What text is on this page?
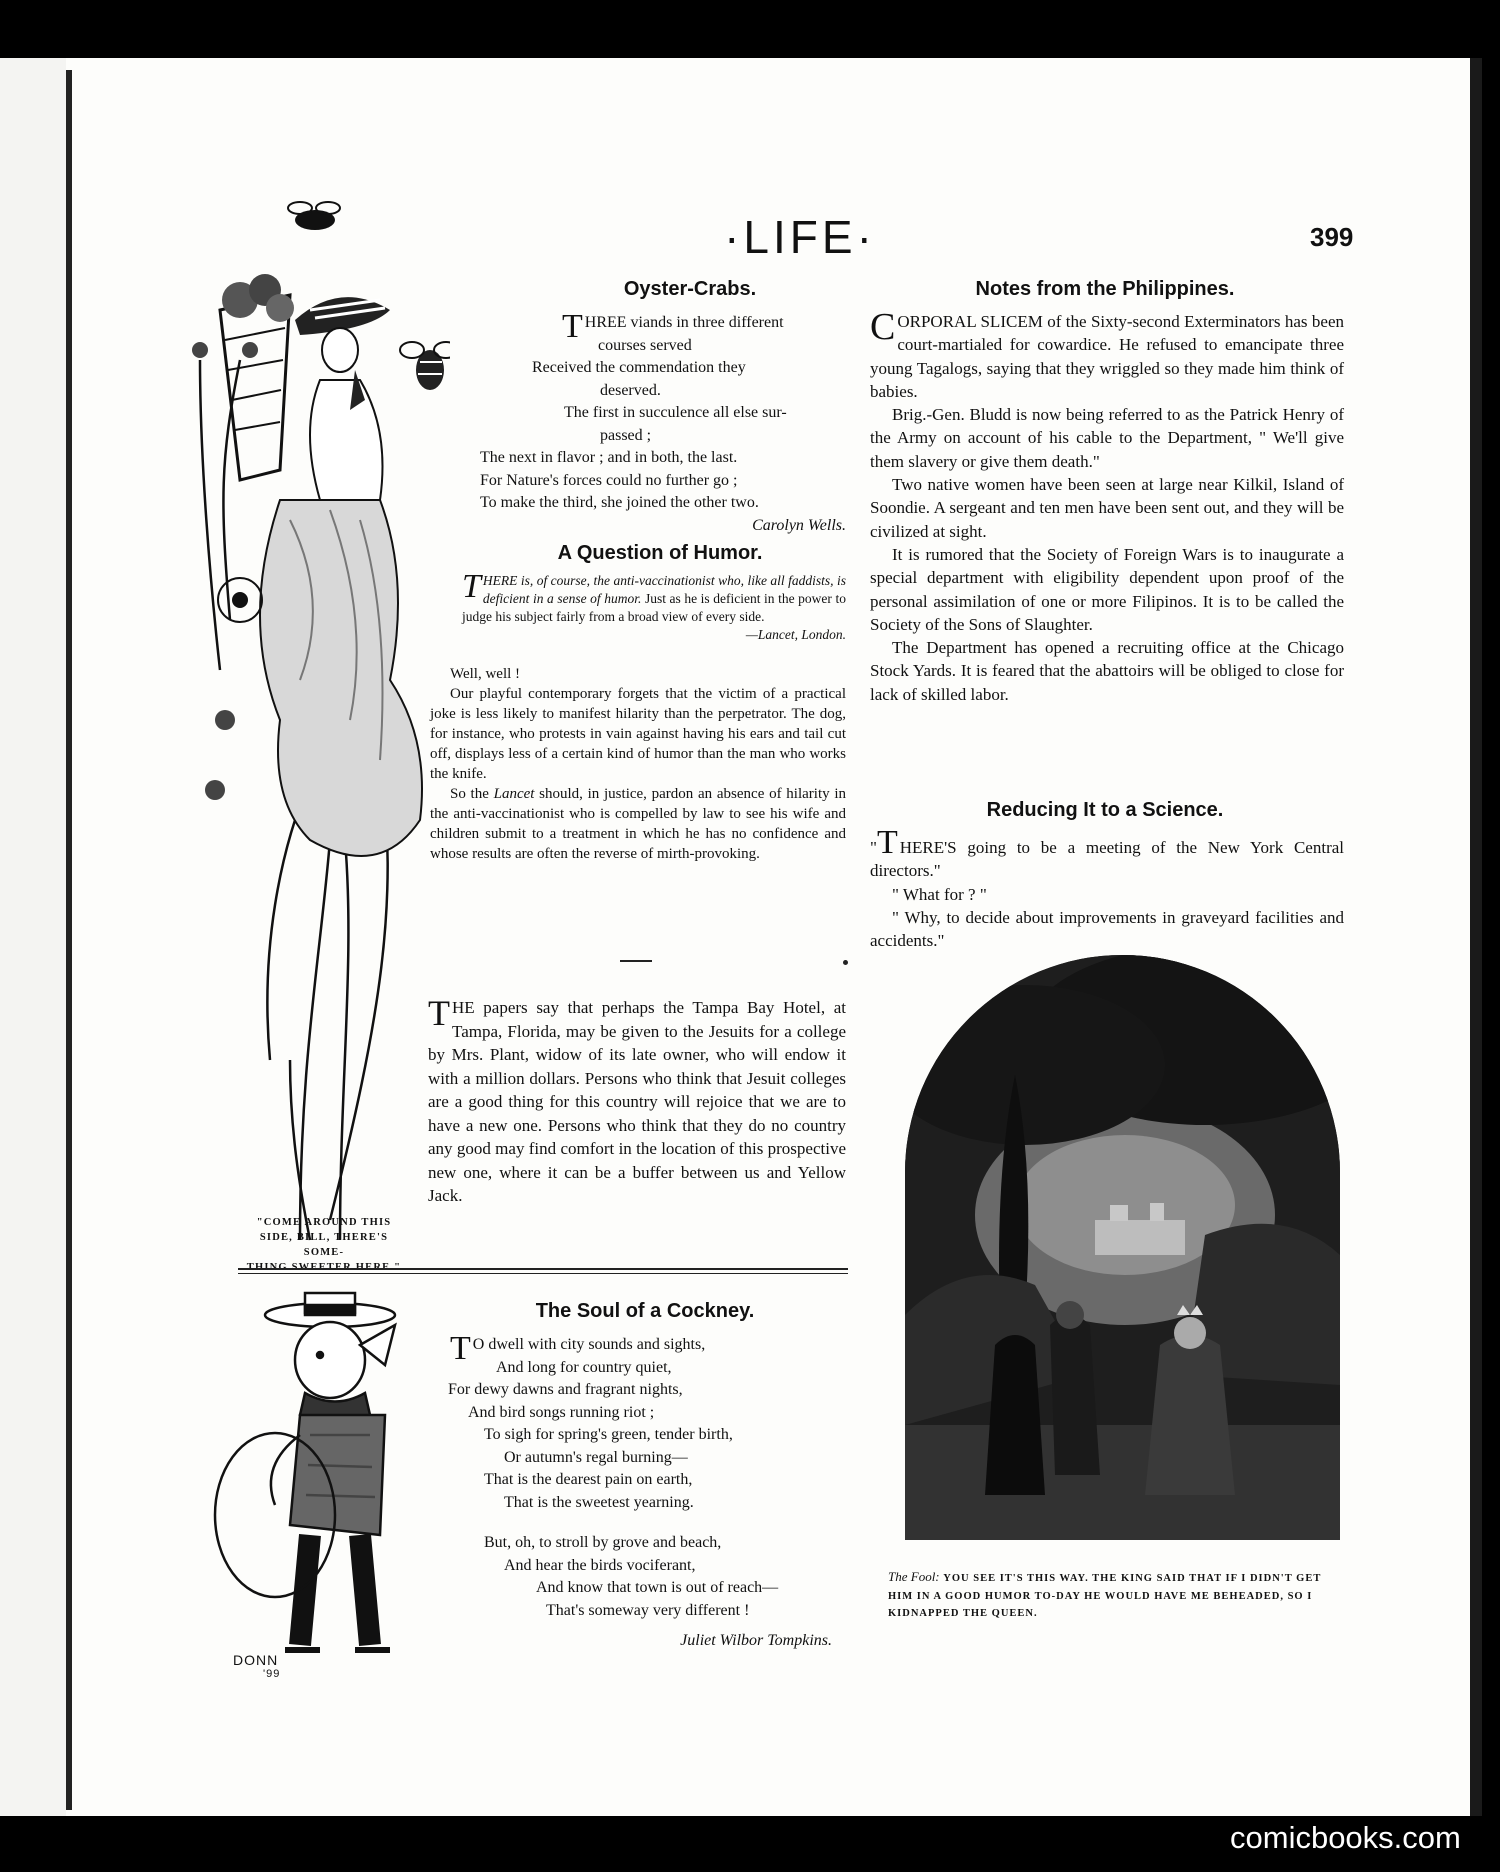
·LIFE·	399
"COME AROUND THIS
SIDE, BILL, THERE'S SOME-
Oyster-Crabs.
THREE viands in three different
courses served
Received the commendation they
deserved.
The first in succulence all else sur-
passed ;
The next in flavor ; and in both, the last.
For Nature's forces could no further go ;
To make the third, she joined the other two.
Carolyn Wells.
A Question of Humor.

THERE is, of course, the anti-vaccinationist who, like all faddists, is deficient in a sense of humor. Just as he is deficient in the power to judge his subject fairly from a broad view of every side.

—Lancet, London.

Well, well !

Our playful contemporary forgets that the victim of a practical joke is less likely to manifest hilarity than the perpetrator. The dog, for instance, who protests in vain against having his ears and tail cut off, displays less of a certain kind of humor than the man who works the knife.

So the Lancet should, in justice, pardon an absence of hilarity in the anti-vaccinationist who is compelled by law to see his wife and children submit to a treatment in which he has no confidence and whose results are often the reverse of mirth-provoking.

THE papers say that perhaps the Tampa Bay Hotel, at Tampa, Florida, may be given to the Jesuits for a college by Mrs. Plant, widow of its late owner, who will endow it with a million dollars. Persons who think that Jesuit colleges are a good thing for this country will rejoice that we are to have a new one. Persons who think that they do no country any good may find comfort in the location of this prospective new one, where it can be a buffer between us and Yellow Jack.

DONN
'99
The Soul of a Cockney.
T O dwell with city sounds and sights,
And long for country quiet,
For dewy dawns and fragrant nights,
And bird songs running riot ;
To sigh for spring's green, tender birth,
Or autumn's regal burning—
That is the dearest pain on earth,
That is the sweetest yearning.
But, oh, to stroll by grove and beach,
And hear the birds vociferant,
And know that town is out of reach—
That's someway very different !
Juliet Wilbor Tompkins.
Notes from the Philippines.

CORPORAL SLICEM of the Sixty-second Exterminators has been court-martialed for cowardice. He refused to emancipate three young Tagalogs, saying that they wriggled so they made him think of babies.

Brig.-Gen. Bludd is now being referred to as the Patrick Henry of the Army on account of his cable to the Department, " We'll give them slavery or give them death."

Two native women have been seen at large near Kilkil, Island of Soondie. A sergeant and ten men have been sent out, and they will be civilized at sight.

It is rumored that the Society of Foreign Wars is to inaugurate a special department with eligibility dependent upon proof of the personal assimilation of one or more Filipinos. It is to be called the Society of the Sons of Slaughter.

The Department has opened a recruiting office at the Chicago Stock Yards. It is feared that the abattoirs will be obliged to close for lack of skilled labor.

Reducing It to a Science.

"T HERE'S going to be a meeting of the New York Central directors."

" What for ? "

" Why, to decide about improvements in graveyard facilities and accidents."

The Fool: YOU SEE IT'S THIS WAY. THE KING SAID THAT IF I DIDN'T GET HIM IN A GOOD HUMOR TO-DAY HE WOULD HAVE ME BEHEADED, SO I KIDNAPPED THE QUEEN.
comicbooks.com
